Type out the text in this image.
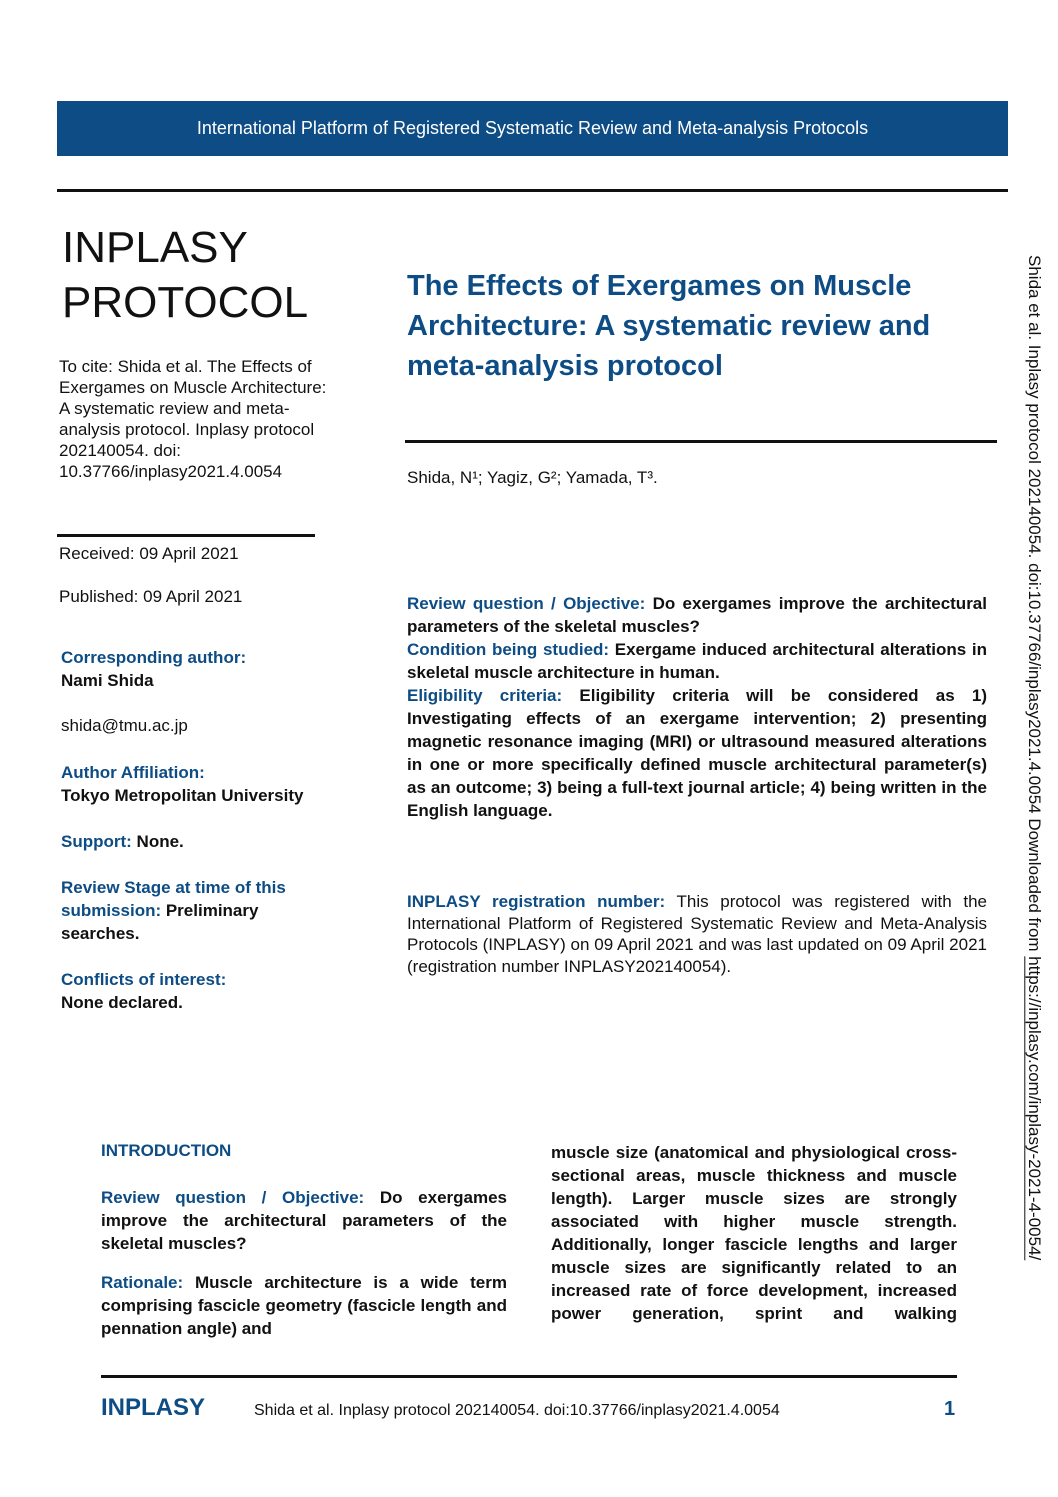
International Platform of Registered Systematic Review and Meta-analysis Protocols
INPLASY
PROTOCOL
To cite: Shida et al. The Effects of Exergames on Muscle Architecture: A systematic review and meta-analysis protocol. Inplasy protocol 202140054. doi: 10.37766/inplasy2021.4.0054
Received: 09 April 2021
Published: 09 April 2021
Corresponding author:
Nami Shida
shida@tmu.ac.jp
Author Affiliation:
Tokyo Metropolitan University
Support: None.
Review Stage at time of this submission: Preliminary searches.
Conflicts of interest:
None declared.
The Effects of Exergames on Muscle Architecture: A systematic review and meta-analysis protocol
Shida, N¹; Yagiz, G²; Yamada, T³.

Review question / Objective: Do exergames improve the architectural parameters of the skeletal muscles?

Condition being studied: Exergame induced architectural alterations in skeletal muscle architecture in human.

Eligibility criteria: Eligibility criteria will be considered as 1) Investigating effects of an exergame intervention; 2) presenting magnetic resonance imaging (MRI) or ultrasound measured alterations in one or more specifically defined muscle architectural parameter(s) as an outcome; 3) being a full-text journal article; 4) being written in the English language.

INPLASY registration number: This protocol was registered with the International Platform of Registered Systematic Review and Meta-Analysis Protocols (INPLASY) on 09 April 2021 and was last updated on 09 April 2021 (registration number INPLASY202140054).
INTRODUCTION

Review question / Objective: Do exergames improve the architectural parameters of the skeletal muscles?

Rationale: Muscle architecture is a wide term comprising fascicle geometry (fascicle length and pennation angle) and

muscle size (anatomical and physiological cross-sectional areas, muscle thickness and muscle length). Larger muscle sizes are strongly associated with higher muscle strength. Additionally, longer fascicle lengths and larger muscle sizes are significantly related to an increased rate of force development, increased power generation, sprint and walking
INPLASY	Shida et al. Inplasy protocol 202140054. doi:10.37766/inplasy2021.4.0054	1
Shida et al. Inplasy protocol 202140054. doi:10.37766/inplasy2021.4.0054 Downloaded from https://inplasy.com/inplasy-2021-4-0054/
